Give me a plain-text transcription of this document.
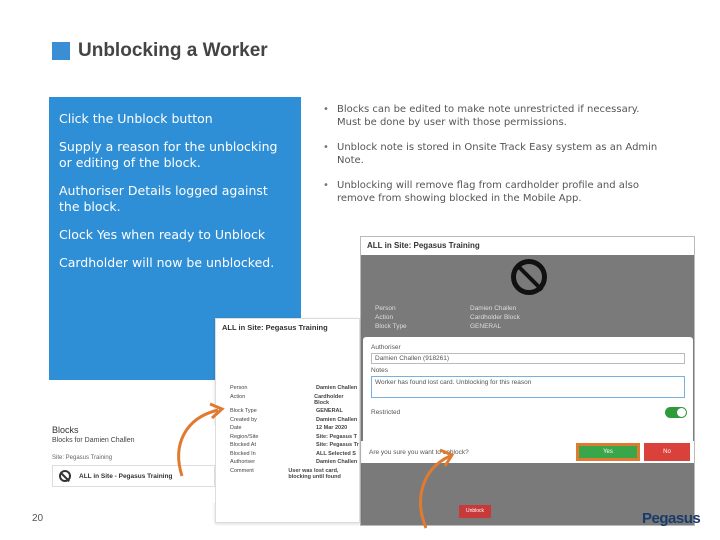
Unblocking a Worker

Click the Unblock button

Supply a reason for the unblocking or editing of the block.

Authoriser Details logged against the block.

Clock Yes when ready to Unblock

Cardholder will now be unblocked.

• Blocks can be edited to make note unrestricted if necessary. Must be done by user with those permissions.
• Unblock note is stored in Onsite Track Easy system as an Admin Note.
• Unblocking will remove flag from cardholder profile and also remove from showing blocked in the Mobile App.
ALL in Site: Pegasus Training
Person	Damien Challen
Action	Cardholder Block
Block Type	GENERAL
Authoriser
Damien Challen (918261)
Notes
Worker has found lost card. Unblocking for this reason
Restricted
Are you sure you want to unblock?	Yes	No
ALL in Site: Pegasus Training
Person	Damien Challen
Action	Cardholder Block
Block Type	GENERAL
Created by	Damien Challen
Date	12 Mar 2020
Region/Site	Site: Pegasus T
Blocked At	Site: Pegasus Tr
Blocked In	ALL Selected S
Authoriser	Damien Challen
Comment	User was lost card, blocking until found
Unblock
Blocks
Blocks for Damien Challen
Site: Pegasus Training
ALL in Site - Pegasus Training
20	Pegasus
